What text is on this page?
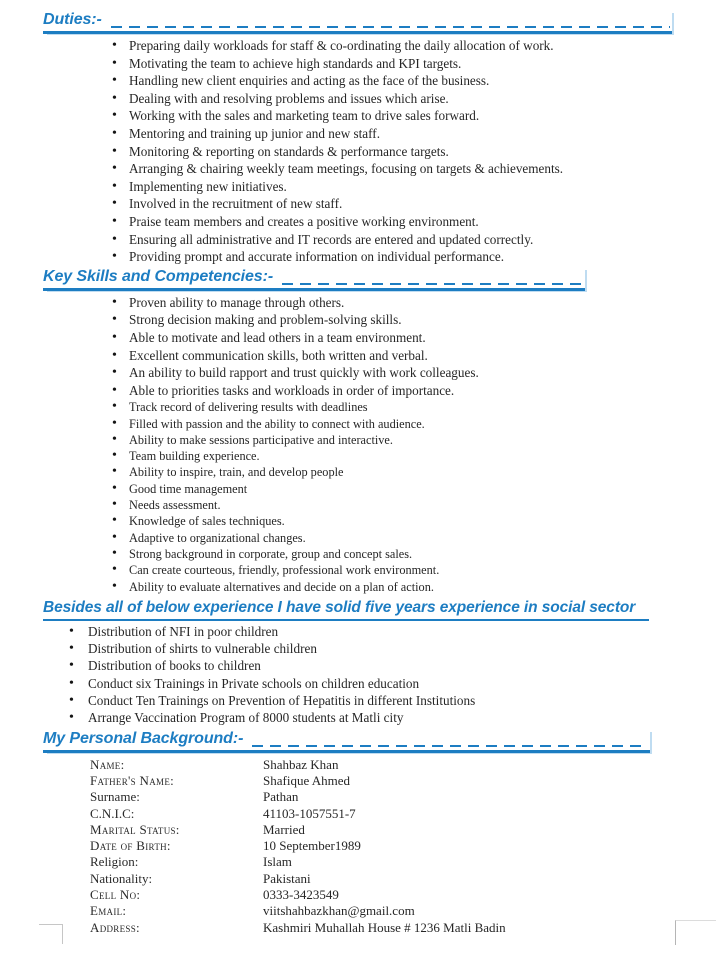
Duties:-
• Preparing daily workloads for staff & co-ordinating the daily allocation of work.
• Motivating the team to achieve high standards and KPI targets.
• Handling new client enquiries and acting as the face of the business.
• Dealing with and resolving problems and issues which arise.
• Working with the sales and marketing team to drive sales forward.
• Mentoring and training up junior and new staff.
• Monitoring & reporting on standards & performance targets.
• Arranging & chairing weekly team meetings, focusing on targets & achievements.
• Implementing new initiatives.
• Involved in the recruitment of new staff.
• Praise team members and creates a positive working environment.
• Ensuring all administrative and IT records are entered and updated correctly.
• Providing prompt and accurate information on individual performance.
Key Skills and Competencies:-
• Proven ability to manage through others.
• Strong decision making and problem-solving skills.
• Able to motivate and lead others in a team environment.
• Excellent communication skills, both written and verbal.
• An ability to build rapport and trust quickly with work colleagues.
• Able to priorities tasks and workloads in order of importance.
• Track record of delivering results with deadlines
• Filled with passion and the ability to connect with audience.
• Ability to make sessions participative and interactive.
• Team building experience.
• Ability to inspire, train, and develop people
• Good time management
• Needs assessment.
• Knowledge of sales techniques.
• Adaptive to organizational changes.
• Strong background in corporate, group and concept sales.
• Can create courteous, friendly, professional work environment.
• Ability to evaluate alternatives and decide on a plan of action.
Besides all of below experience I have solid five years experience in social sector
• Distribution of NFI in poor children
• Distribution of shirts to vulnerable children
• Distribution of books to children
• Conduct six Trainings in Private schools on children education
• Conduct Ten Trainings on Prevention of Hepatitis in different Institutions
• Arrange Vaccination Program of 8000 students at Matli city
My Personal Background:-
Name:	Shahbaz Khan
Father's Name:	Shafique Ahmed
Surname:	Pathan
C.N.I.C:	41103-1057551-7
Marital Status:	Married
Date of Birth:	10 September1989
Religion:	Islam
Nationality:	Pakistani
Cell No:	0333-3423549
Email:	viitshahbazkhan@gmail.com
Address:	Kashmiri Muhallah House # 1236 Matli Badin
